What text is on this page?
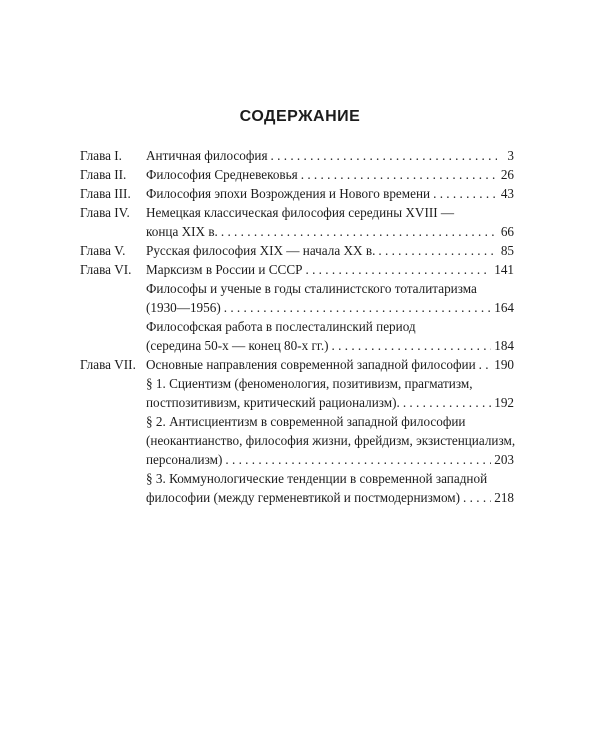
СОДЕРЖАНИЕ
Глава I.	Античная философия . . .	3
Глава II.	Философия Средневековья . . .	26
Глава III.	Философия эпохи Возрождения и Нового времени . . .	43
Глава IV.	Немецкая классическая философия середины XVIII —
конца XIX в. . . .	66
Глава V.	Русская философия XIX — начала XX в. . . .	85
Глава VI.	Марксизм в России и СССР . . .	141
Философы и ученые в годы сталинистского тоталитаризма
(1930—1956) . . .	164
Философская работа в послесталинский период
(середина 50-х — конец 80-х гг.) . . .	184
Глава VII. Основные направления современной западной философии . . . 190
§ 1. Сциентизм (феноменология, позитивизм, прагматизм,
постпозитивизм, критический рационализм). . . .	192
§ 2. Антисциентизм в современной западной философии
(неокантианство, философия жизни, фрейдизм, экзистенциализм,
персонализм) . . .	203
§ 3. Коммунологические тенденции в современной западной
философии (между герменевтикой и постмодернизмом) . . .	218
